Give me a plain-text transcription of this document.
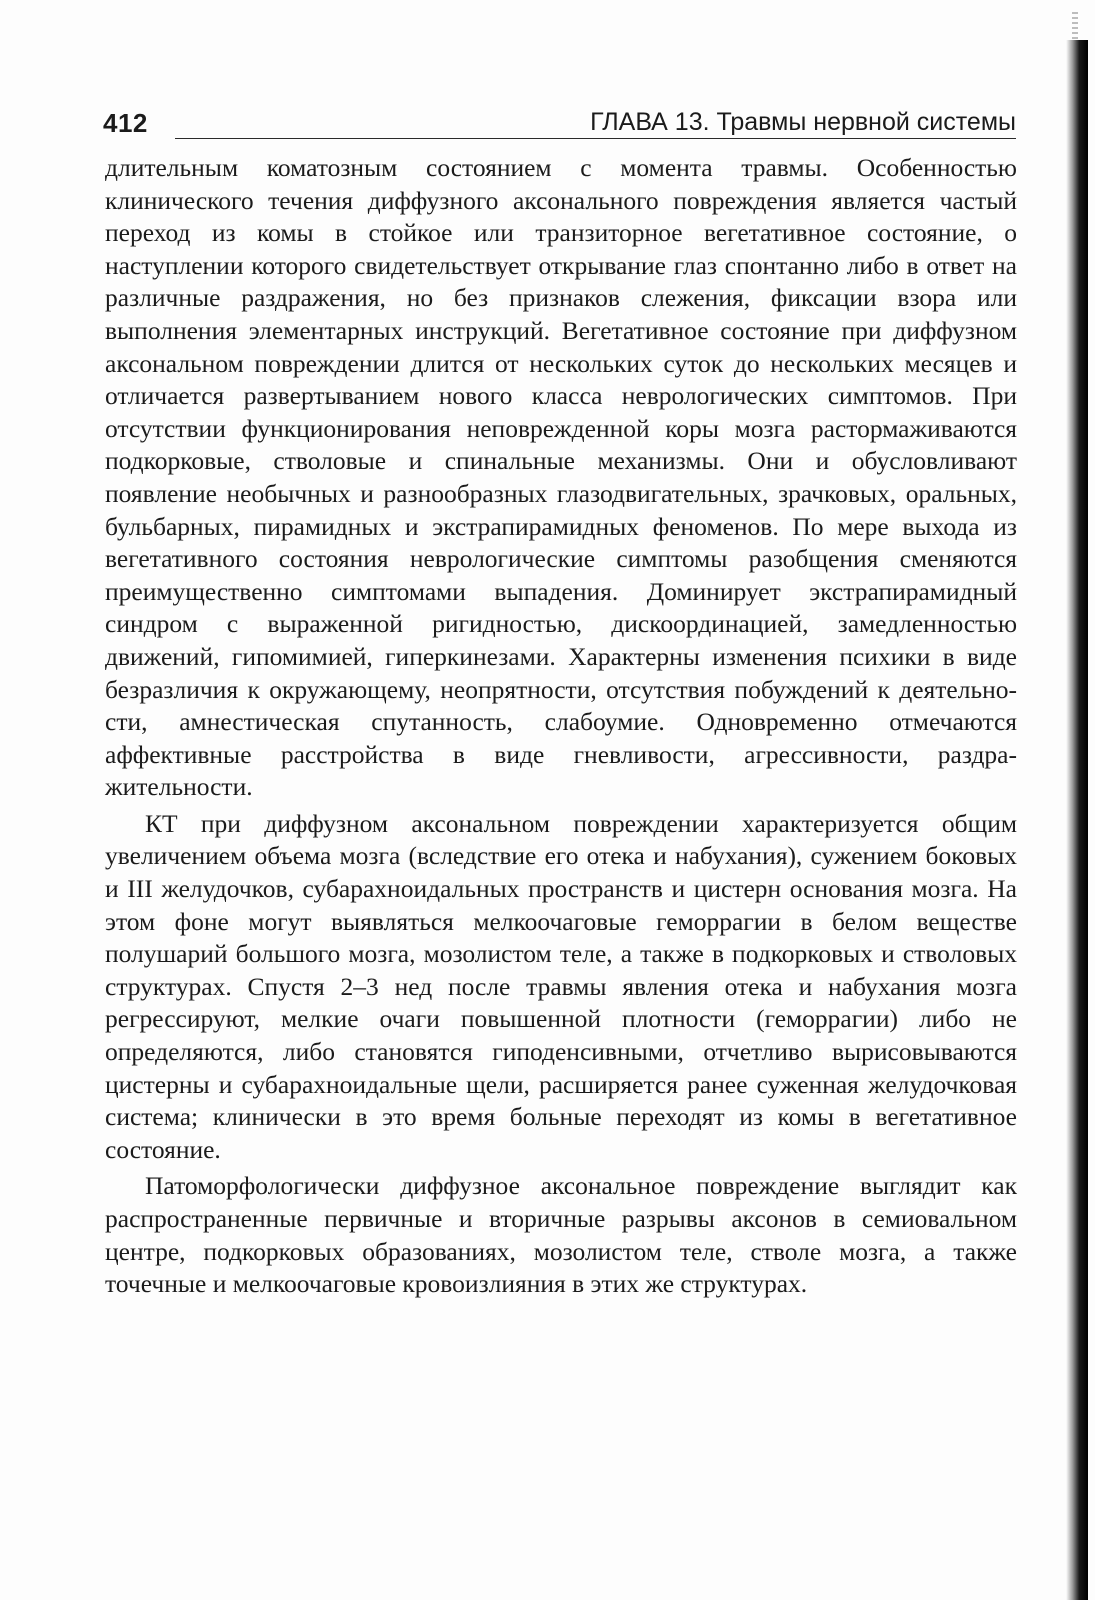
412	ГЛАВА 13. Травмы нервной системы

длительным коматозным состоянием с момента травмы. Особенностью клинического течения диффузного аксонального повреждения является частый переход из комы в стойкое или транзиторное вегетативное состояние, о наступлении которого свидетельствует открывание глаз спонтанно либо в ответ на различные раздражения, но без признаков слежения, фиксации взора или выполнения элементарных инструкций. Вегетативное состояние при диффузном аксональном повреждении длится от нескольких суток до нескольких месяцев и отличается развертыванием нового класса неврологических симптомов. При отсутствии функционирования неповрежденной коры мозга растормаживаются подкорковые, стволовые и спинальные механизмы. Они и обусловливают появление необычных и разнообразных глазодвигательных, зрачковых, оральных, бульбарных, пирамидных и экстрапирамидных феноменов. По мере выхода из вегетативного состояния неврологические симптомы разобщения сменяются преимущественно симптомами выпадения. Доминирует экстрапирамидный синдром с выраженной ригидностью, дискоординацией, замедленностью движений, гипомимией, гиперкинезами. Характерны изменения психики в виде безразличия к окружающему, неопрятности, отсутствия побуждений к деятельности, амнестическая спутанность, слабоумие. Одновременно отмечаются аффективные расстройства в виде гневливости, агрессивности, раздражительности.

КТ при диффузном аксональном повреждении характеризуется общим увеличением объема мозга (вследствие его отека и набухания), сужением боковых и III желудочков, субарахноидальных пространств и цистерн основания мозга. На этом фоне могут выявляться мелкоочаговые геморрагии в белом веществе полушарий большого мозга, мозолистом теле, а также в подкорковых и стволовых структурах. Спустя 2–3 нед после травмы явления отека и набухания мозга регрессируют, мелкие очаги повышенной плотности (геморрагии) либо не определяются, либо становятся гиподенсивными, отчетливо вырисовываются цистерны и субарахноидальные щели, расширяется ранее суженная желудочковая система; клинически в это время больные переходят из комы в вегетативное состояние.

Патоморфологически диффузное аксональное повреждение выглядит как распространенные первичные и вторичные разрывы аксонов в семиовальном центре, подкорковых образованиях, мозолистом теле, стволе мозга, а также точечные и мелкоочаговые кровоизлияния в этих же структурах.
